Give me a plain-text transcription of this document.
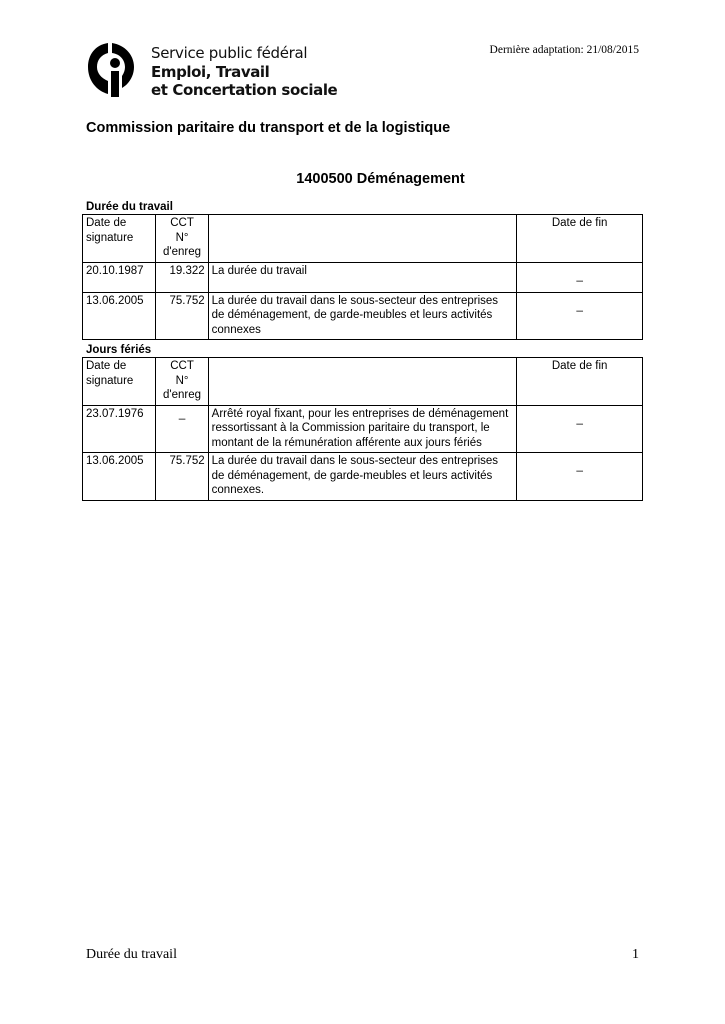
Service public fédéral
Emploi, Travail
et Concertation sociale
Dernière adaptation: 21/08/2015
Commission paritaire du transport et de la logistique
1400500 Déménagement
Durée du travail
Date de
signature	CCT
N°
d'enreg		Date de fin
20.10.1987	19.322	La durée du travail	_

13.06.2005	75.752	La durée du travail dans le sous-secteur des entreprises de déménagement, de garde-meubles et leurs activités connexes	_
Jours fériés
Date de
signature	CCT
N°
d'enreg		Date de fin
23.07.1976	_	Arrêté royal fixant, pour les entreprises de déménagement ressortissant à la Commission paritaire du transport, le montant de la rémunération afférente aux jours fériés	_

13.06.2005	75.752	La durée du travail dans le sous-secteur des entreprises de déménagement, de garde-meubles et leurs activités connexes.	_
Durée du travail	1
